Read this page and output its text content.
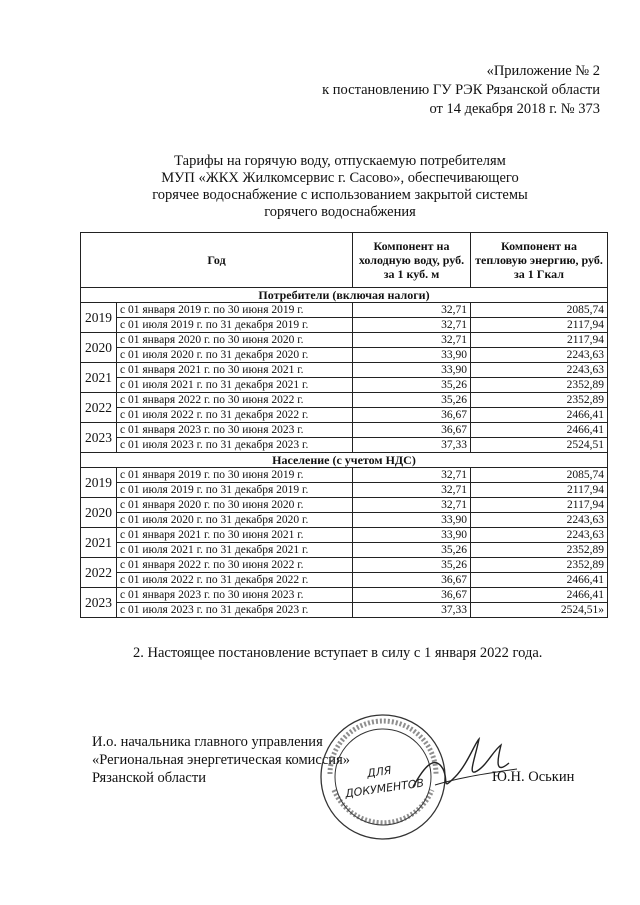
«Приложение № 2
к постановлению ГУ РЭК Рязанской области
от 14 декабря 2018 г. № 373
Тарифы на горячую воду, отпускаемую потребителям
МУП «ЖКХ Жилкомсервис г. Сасово», обеспечивающего
горячее водоснабжение с использованием закрытой системы
горячего водоснабжения
Год		Компонент на холодную воду, руб. за 1 куб. м	Компонент на тепловую энергию, руб. за 1 Гкал
Потребители (включая налоги)			
2019	с 01 января 2019 г. по 30 июня 2019 г.	32,71	2085,74
	с 01 июля 2019 г. по 31 декабря 2019 г.	32,71	2117,94
2020	с 01 января 2020 г. по 30 июня 2020 г.	32,71	2117,94
	с 01 июля 2020 г. по 31 декабря 2020 г.	33,90	2243,63
2021	с 01 января 2021 г. по 30 июня 2021 г.	33,90	2243,63
	с 01 июля 2021 г. по 31 декабря 2021 г.	35,26	2352,89
2022	с 01 января 2022 г. по 30 июня 2022 г.	35,26	2352,89
	с 01 июля 2022 г. по 31 декабря 2022 г.	36,67	2466,41
2023	с 01 января 2023 г. по 30 июня 2023 г.	36,67	2466,41
	с 01 июля 2023 г. по 31 декабря 2023 г.	37,33	2524,51
Население (с учетом НДС)			
2019	с 01 января 2019 г. по 30 июня 2019 г.	32,71	2085,74
	с 01 июля 2019 г. по 31 декабря 2019 г.	32,71	2117,94
2020	с 01 января 2020 г. по 30 июня 2020 г.	32,71	2117,94
	с 01 июля 2020 г. по 31 декабря 2020 г.	33,90	2243,63
2021	с 01 января 2021 г. по 30 июня 2021 г.	33,90	2243,63
	с 01 июля 2021 г. по 31 декабря 2021 г.	35,26	2352,89
2022	с 01 января 2022 г. по 30 июня 2022 г.	35,26	2352,89
	с 01 июля 2022 г. по 31 декабря 2022 г.	36,67	2466,41
2023	с 01 января 2023 г. по 30 июня 2023 г.	36,67	2466,41
	с 01 июля 2023 г. по 31 декабря 2023 г.	37,33	2524,51»
2. Настоящее постановление вступает в силу с 1 января 2022 года.
И.о. начальника главного управления
«Региональная энергетическая комиссия»
Рязанской области	ДЛЯ
ДОКУМЕНТОВ	Ю.Н. Оськин
